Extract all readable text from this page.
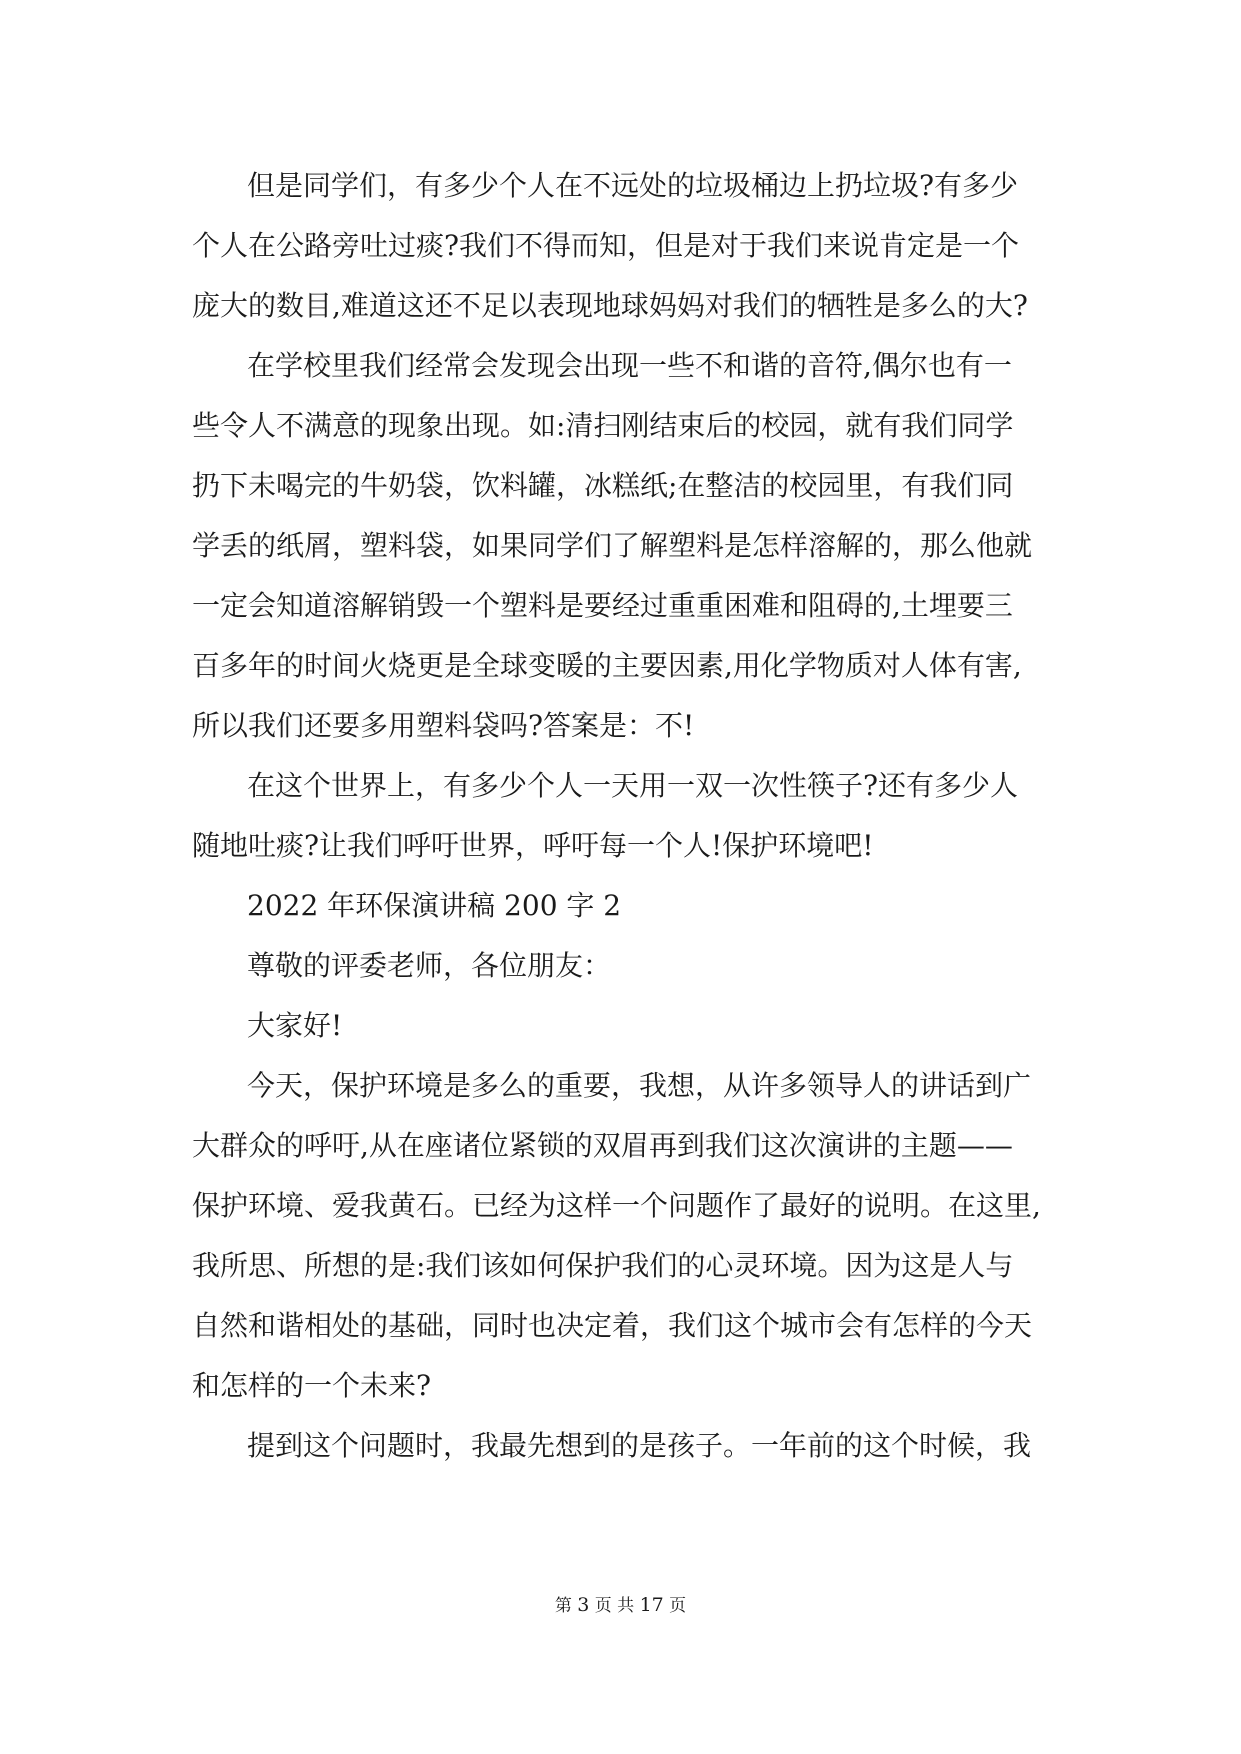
但是同学们，有多少个人在不远处的垃圾桶边上扔垃圾?有多少
个人在公路旁吐过痰?我们不得而知，但是对于我们来说肯定是一个
庞大的数目,难道这还不足以表现地球妈妈对我们的牺牲是多么的大?
在学校里我们经常会发现会出现一些不和谐的音符,偶尔也有一
些令人不满意的现象出现。如:清扫刚结束后的校园，就有我们同学
扔下未喝完的牛奶袋，饮料罐，冰糕纸;在整洁的校园里，有我们同
学丢的纸屑，塑料袋，如果同学们了解塑料是怎样溶解的，那么他就
一定会知道溶解销毁一个塑料是要经过重重困难和阻碍的,土埋要三
百多年的时间火烧更是全球变暖的主要因素,用化学物质对人体有害,
所以我们还要多用塑料袋吗?答案是：不!
在这个世界上，有多少个人一天用一双一次性筷子?还有多少人
随地吐痰?让我们呼吁世界，呼吁每一个人!保护环境吧!
2022 年环保演讲稿 200 字 2
尊敬的评委老师，各位朋友：
大家好!
今天，保护环境是多么的重要，我想，从许多领导人的讲话到广
大群众的呼吁,从在座诸位紧锁的双眉再到我们这次演讲的主题——
保护环境、爱我黄石。已经为这样一个问题作了最好的说明。在这里,
我所思、所想的是:我们该如何保护我们的心灵环境。因为这是人与
自然和谐相处的基础，同时也决定着，我们这个城市会有怎样的今天
和怎样的一个未来?
提到这个问题时，我最先想到的是孩子。一年前的这个时候，我
第 3 页 共 17 页
